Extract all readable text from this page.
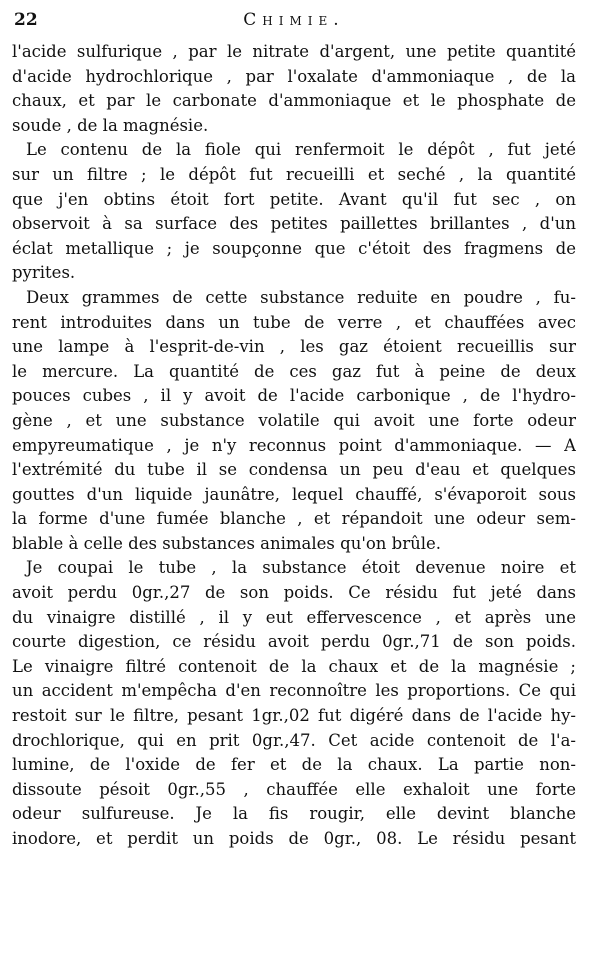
22	Chimie.
l'acide sulfurique , par le nitrate d'argent, une petite quantité
d'acide hydrochlorique , par l'oxalate d'ammoniaque , de la
chaux, et par le carbonate d'ammoniaque et le phosphate de
soude , de la magnésie.
Le contenu de la fiole qui renfermoit le dépôt , fut jeté
sur un filtre ; le dépôt fut recueilli et seché , la quantité
que j'en obtins étoit fort petite. Avant qu'il fut sec , on
observoit à sa surface des petites paillettes brillantes , d'un
éclat metallique ; je soupçonne que c'étoit des fragmens de
pyrites.
Deux grammes de cette substance reduite en poudre , fu-
rent introduites dans un tube de verre , et chauffées avec
une lampe à l'esprit-de-vin , les gaz étoient recueillis sur
le mercure. La quantité de ces gaz fut à peine de deux
pouces cubes , il y avoit de l'acide carbonique , de l'hydro-
gène , et une substance volatile qui avoit une forte odeur
empyreumatique , je n'y reconnus point d'ammoniaque. — A
l'extrémité du tube il se condensa un peu d'eau et quelques
gouttes d'un liquide jaunâtre, lequel chauffé, s'évaporoit sous
la forme d'une fumée blanche , et répandoit une odeur sem-
blable à celle des substances animales qu'on brûle.
Je coupai le tube , la substance étoit devenue noire et
avoit perdu 0gr.,27 de son poids. Ce résidu fut jeté dans
du vinaigre distillé , il y eut effervescence , et après une
courte digestion, ce résidu avoit perdu 0gr.,71 de son poids.
Le vinaigre filtré contenoit de la chaux et de la magnésie ;
un accident m'empêcha d'en reconnoître les proportions. Ce qui
restoit sur le filtre, pesant 1gr.,02 fut digéré dans de l'acide hy-
drochlorique, qui en prit 0gr.,47. Cet acide contenoit de l'a-
lumine, de l'oxide de fer et de la chaux. La partie non-
dissoute pésoit 0gr.,55 , chauffée elle exhaloit une forte
odeur sulfureuse. Je la fis rougir, elle devint blanche
inodore, et perdit un poids de 0gr., 08. Le résidu pesant
